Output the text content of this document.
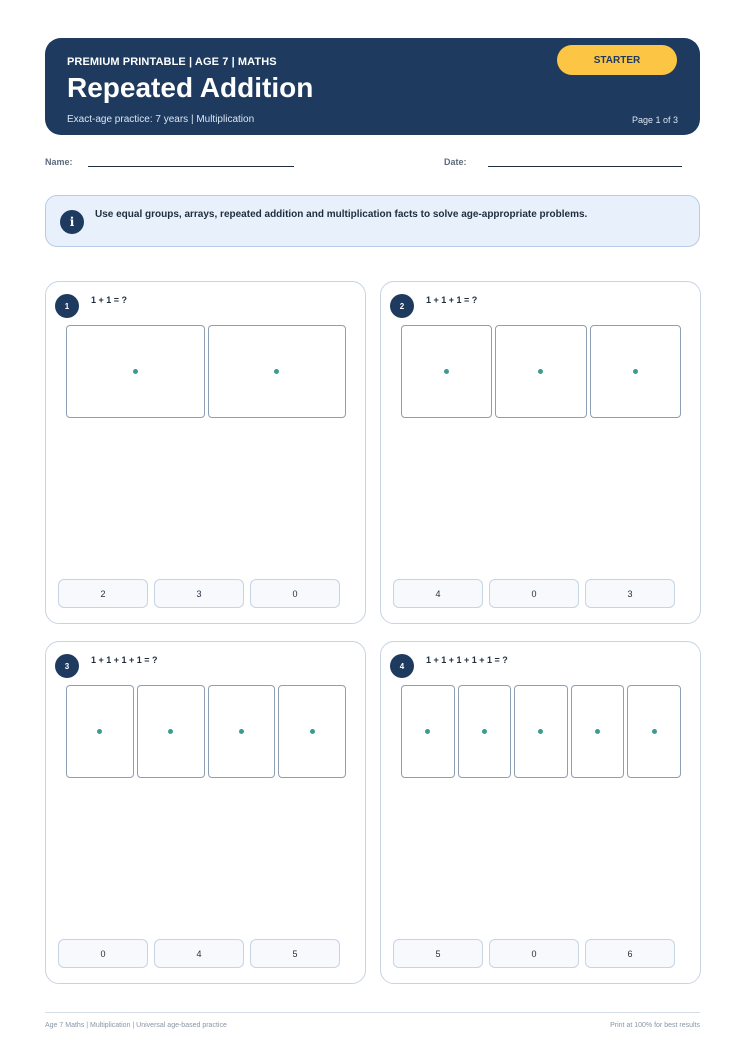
PREMIUM PRINTABLE | AGE 7 | MATHS
Repeated Addition
Exact-age practice: 7 years | Multiplication	Page 1 of 3
STARTER
Name:	Date:
i
Use equal groups, arrays, repeated addition and multiplication facts to solve age-appropriate problems.
1
1 + 1 = ?
2	3	0
2
1 + 1 + 1 = ?
4	0	3
3
1 + 1 + 1 + 1 = ?
0	4	5
4
1 + 1 + 1 + 1 + 1 = ?
5	0	6
Age 7 Maths | Multiplication | Universal age-based practice	Print at 100% for best results
